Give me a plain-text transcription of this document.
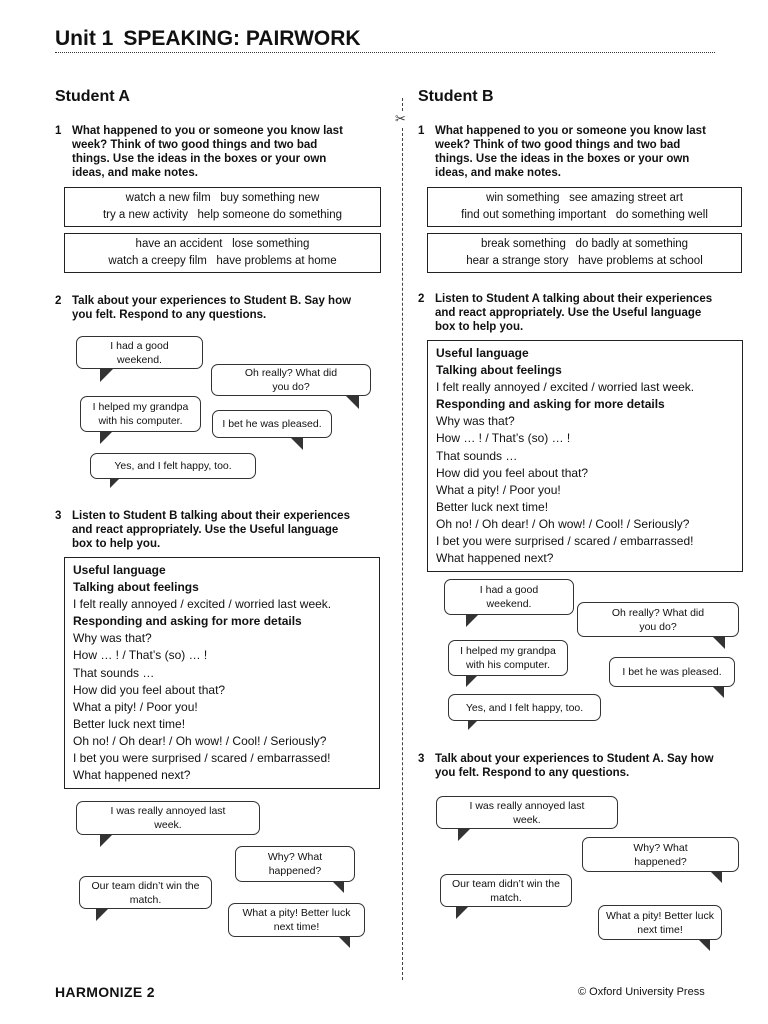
Unit 1 SPEAKING: PAIRWORK
✂
Student A
1 What happened to you or someone you know last week? Think of two good things and two bad things. Use the ideas in the boxes or your own ideas, and make notes.
watch a new film   buy something new
try a new activity   help someone do something
have an accident   lose something
watch a creepy film   have problems at home
2 Talk about your experiences to Student B. Say how you felt. Respond to any questions.
I had a good weekend.
Oh really? What did you do?
I helped my grandpa with his computer.	I bet he was pleased.
Yes, and I felt happy, too.
3 Listen to Student B talking about their experiences and react appropriately. Use the Useful language box to help you.
Useful language
Talking about feelings
I felt really annoyed / excited / worried last week.
Responding and asking for more details
Why was that?
How … ! / That’s (so) … !
That sounds …
How did you feel about that?
What a pity! / Poor you!
Better luck next time!
Oh no! / Oh dear! / Oh wow! / Cool! / Seriously?
I bet you were surprised / scared / embarrassed!
What happened next?
I was really annoyed last week.
Why? What happened?
Our team didn’t win the match.
What a pity! Better luck next time!
Student B
1 What happened to you or someone you know last week? Think of two good things and two bad things. Use the ideas in the boxes or your own ideas, and make notes.
win something   see amazing street art
find out something important   do something well
break something   do badly at something
hear a strange story   have problems at school
2 Listen to Student A talking about their experiences and react appropriately. Use the Useful language box to help you.
Useful language
Talking about feelings
I felt really annoyed / excited / worried last week.
Responding and asking for more details
Why was that?
How … ! / That’s (so) … !
That sounds …
How did you feel about that?
What a pity! / Poor you!
Better luck next time!
Oh no! / Oh dear! / Oh wow! / Cool! / Seriously?
I bet you were surprised / scared / embarrassed!
What happened next?
I had a good weekend.
Oh really? What did you do?
I helped my grandpa with his computer.
I bet he was pleased.
Yes, and I felt happy, too.
3 Talk about your experiences to Student A. Say how you felt. Respond to any questions.
I was really annoyed last week.
Why? What happened?
Our team didn’t win the match.
What a pity! Better luck next time!
HARMONIZE 2	© Oxford University Press
